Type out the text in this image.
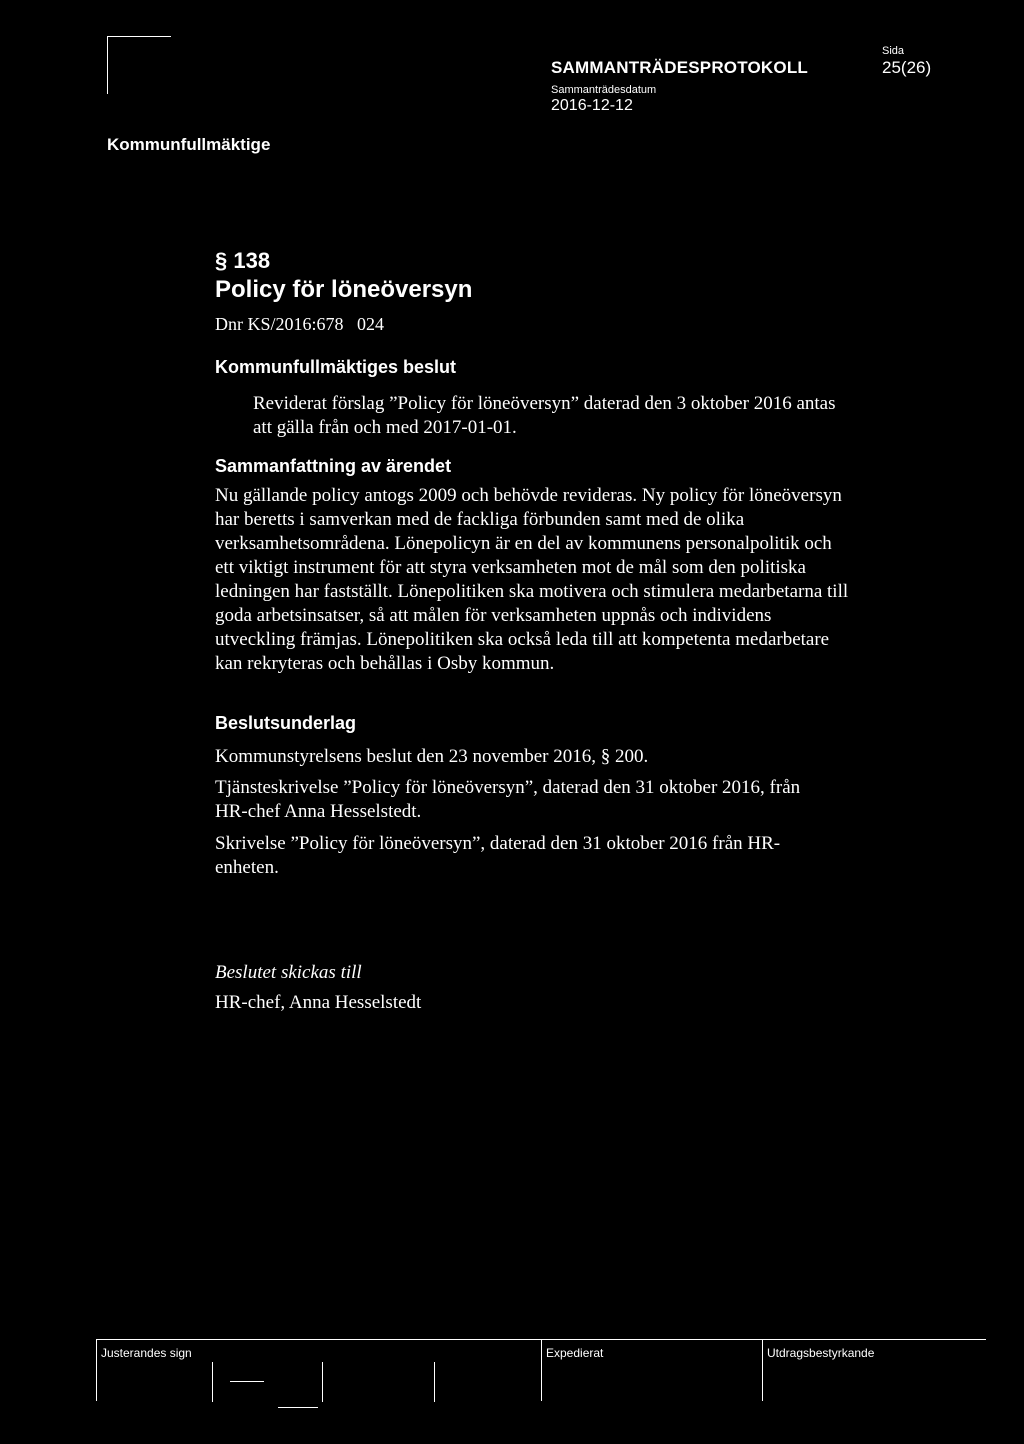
SAMMANTRÄDESPROTOKOLL
Sammanträdesdatum
2016-12-12
Sida
25(26)
Kommunfullmäktige
§ 138
Policy för löneöversyn
Dnr KS/2016:678   024
Kommunfullmäktiges beslut
Reviderat förslag ”Policy för löneöversyn” daterad den 3 oktober 2016 antas att gälla från och med 2017-01-01.
Sammanfattning av ärendet
Nu gällande policy antogs 2009 och behövde revideras. Ny policy för löneöversyn har beretts i samverkan med de fackliga förbunden samt med de olika verksamhetsområdena. Lönepolicyn är en del av kommunens personalpolitik och ett viktigt instrument för att styra verksamheten mot de mål som den politiska ledningen har fastställt. Lönepolitiken ska motivera och stimulera medarbetarna till goda arbetsinsatser, så att målen för verksamheten uppnås och individens utveckling främjas. Lönepolitiken ska också leda till att kompetenta medarbetare kan rekryteras och behållas i Osby kommun.
Beslutsunderlag
Kommunstyrelsens beslut den 23 november 2016, § 200.
Tjänsteskrivelse ”Policy för löneöversyn”, daterad den 31 oktober 2016, från HR-chef Anna Hesselstedt.
Skrivelse ”Policy för löneöversyn”, daterad den 31 oktober 2016 från HR-enheten.
Beslutet skickas till
HR-chef, Anna Hesselstedt
Justerandes sign	Expedierat	Utdragsbestyrkande
